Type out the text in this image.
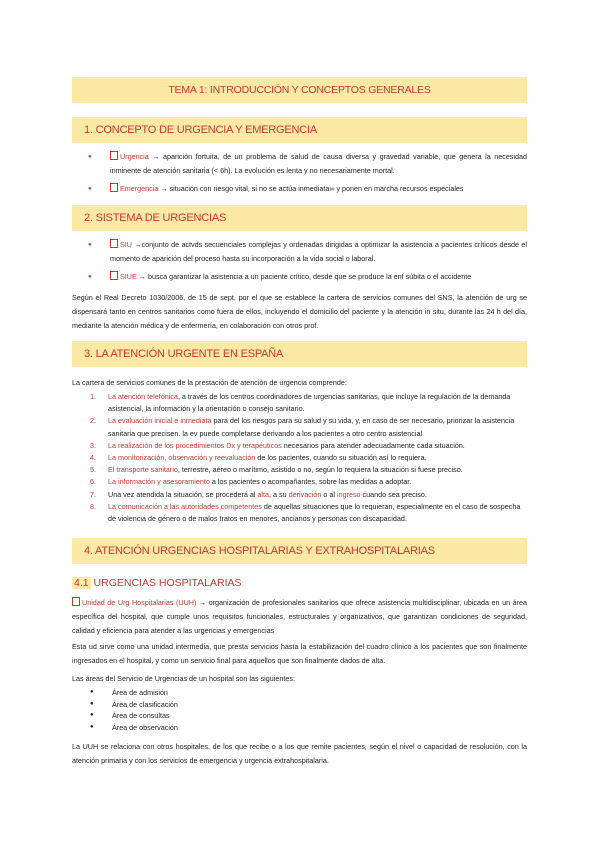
TEMA 1: INTRODUCCIÓN Y CONCEPTOS GENERALES
1. CONCEPTO DE URGENCIA Y EMERGENCIA
● Urgencia → aparición fortuita, de un problema de salud de causa diversa y gravedad variable, que genera la necesidad inminente de atención sanitaria (< 6h). La evolución es lenta y no necesariamente mortal.
● Emergencia → situación con riesgo vital, si no se actúa inmediata∞ y ponen en marcha recursos especiales
2. SISTEMA DE URGENCIAS
● SIU →conjunto de actvds secuenciales complejas y ordenadas dirigidas a optimizar la asistencia a pacientes críticos desde el momento de aparición del proceso hasta su incorporación a la vida social o laboral.
● SIUE → busca garantizar la asistencia a un paciente crítico, desde que se produce la enf súbita o el accidente
Según el Real Decreto 1030/2006, de 15 de sept, por el que se establece la cartera de servicios comunes del SNS, la atención de urg se dispensará tanto en centros sanitarios como fuera de ellos, incluyendo el domicilio del paciente y la atención in situ, durante las 24 h del día, mediante la atención médica y de enfermería, en colaboración con otros prof.
3. LA ATENCIÓN URGENTE EN ESPAÑA
La cartera de servicios comunes de la prestación de atención de urgencia comprende:
1. La atención telefónica, a través de los centros coordinadores de urgencias sanitarias, que incluye la regulación de la demanda asistencial, la información y la orientación o consejo sanitario.
2. La evaluación inicial e inmediata para del los riesgos para su salud y su vida, y, en caso de ser necesario, priorizar la asistencia sanitaria que precisen. la ev puede completarse derivando a los pacientes a otro centro asistencial
3. La realización de los procedimientos Dx y terapéuticos necesarios para atender adecuadamente cada situación.
4. La monitorización, observación y reevaluación de los pacientes, cuando su situación así lo requiera.
5. El transporte sanitario, terrestre, aéreo o marítimo, asistido o no, según lo requiera la situación si fuese preciso.
6. La información y asesoramiento a los pacientes o acompañantes, sobre las medidas a adoptar.
7. Una vez atendida la situación, se procederá al alta, a su derivación o al ingreso cuando sea preciso.
8. La comunicación a las autoridades competentes de aquellas situaciones que lo requieran, especialmente en el caso de sospecha de violencia de género o de malos tratos en menores, ancianos y personas con discapacidad.
4. ATENCIÓN URGENCIAS HOSPITALARIAS Y EXTRAHOSPITALARIAS
4.1 URGENCIAS HOSPITALARIAS
Unidad de Urg Hospitalarias (UUH) → organización de profesionales sanitarios que ofrece asistencia multidisciplinar, ubicada en un área específica del hospital, que cumple unos requisitos funcionales, estructurales y organizativos, que garantizan condiciones de seguridad, calidad y eficiencia para atender a las urgencias y emergencias
Esta ud sirve como una unidad intermedia, que presta servicios hasta la estabilización del cuadro clínico a los pacientes que son finalmente ingresados en el hospital, y como un servicio final para aquellos que son finalmente dados de alta.
Las áreas del Servicio de Urgencias de un hospital son las siguientes:
● Área de admisión
● Área de clasificación
● Área de consultas
● Área de observación
La UUH se relaciona con otros hospitales, de los que recibe o a los que remite pacientes, según el nivel o capacidad de resolución, con la atención primaria y con los servicios de emergencia y urgencia extrahospitalaria.
